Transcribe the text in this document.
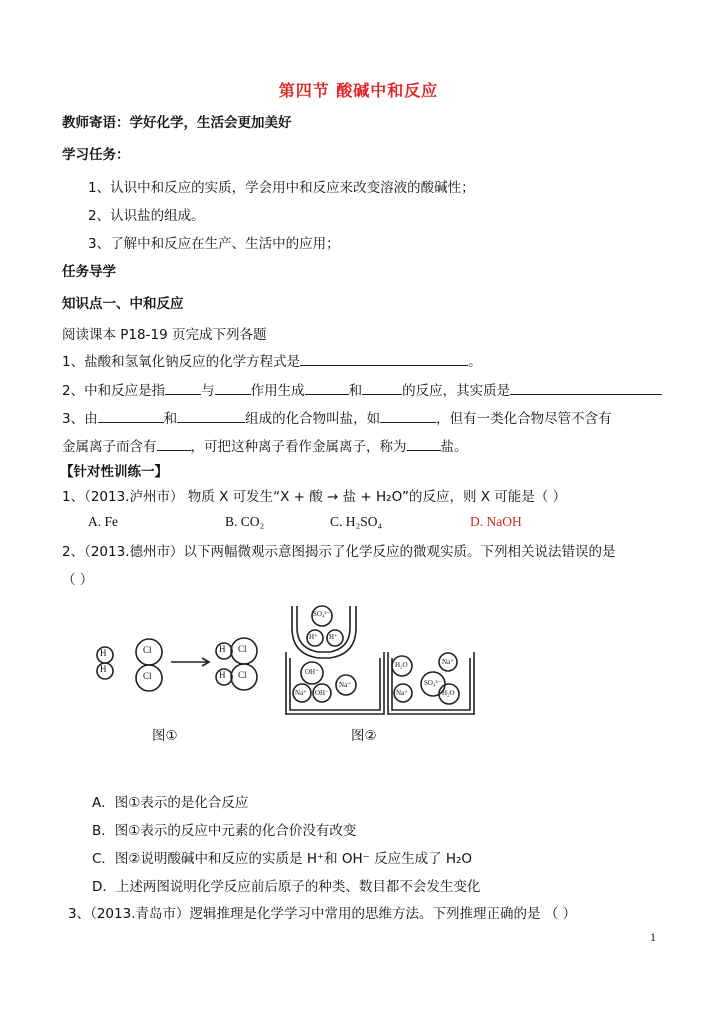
第四节 酸碱中和反应
教师寄语：学好化学，生活会更加美好
学习任务：
1、认识中和反应的实质，学会用中和反应来改变溶液的酸碱性；
2、认识盐的组成。
3、了解中和反应在生产、生活中的应用；
任务导学
知识点一、中和反应
阅读课本 P18-19 页完成下列各题
1、盐酸和氢氧化钠反应的化学方程式是	。
2、中和反应是指	与	作用生成	和	的反应，其实质是
3、由	和	组成的化合物叫盐，如	，但有一类化合物尽管不含有
金属离子而含有	，可把这种离子看作金属离子，称为	盐。
【针对性训练一】
1、（2013.泸州市） 物质 X 可发生“X + 酸 → 盐 + H₂O”的反应，则 X 可能是（ ）
A. Fe	B. CO₂	C. H₂SO₄	D. NaOH
2、（2013.德州市）以下两幅微观示意图揭示了化学反应的微观实质。下列相关说法错误的是
（ ）
H
H
Cl
Cl
H Cl
H Cl
SO₄²⁻
H⁺ H⁺
OH⁻
Na⁺ OH⁻
Na⁺
H₂O
SO₄²⁻
Na⁺
Na⁺	H₂O
图①	图②
A．图①表示的是化合反应
B．图①表示的反应中元素的化合价没有改变
C．图②说明酸碱中和反应的实质是 H⁺和 OH⁻ 反应生成了 H₂O
D．上述两图说明化学反应前后原子的种类、数目都不会发生变化
3、（2013.青岛市）逻辑推理是化学学习中常用的思维方法。下列推理正确的是 （ ）
1
